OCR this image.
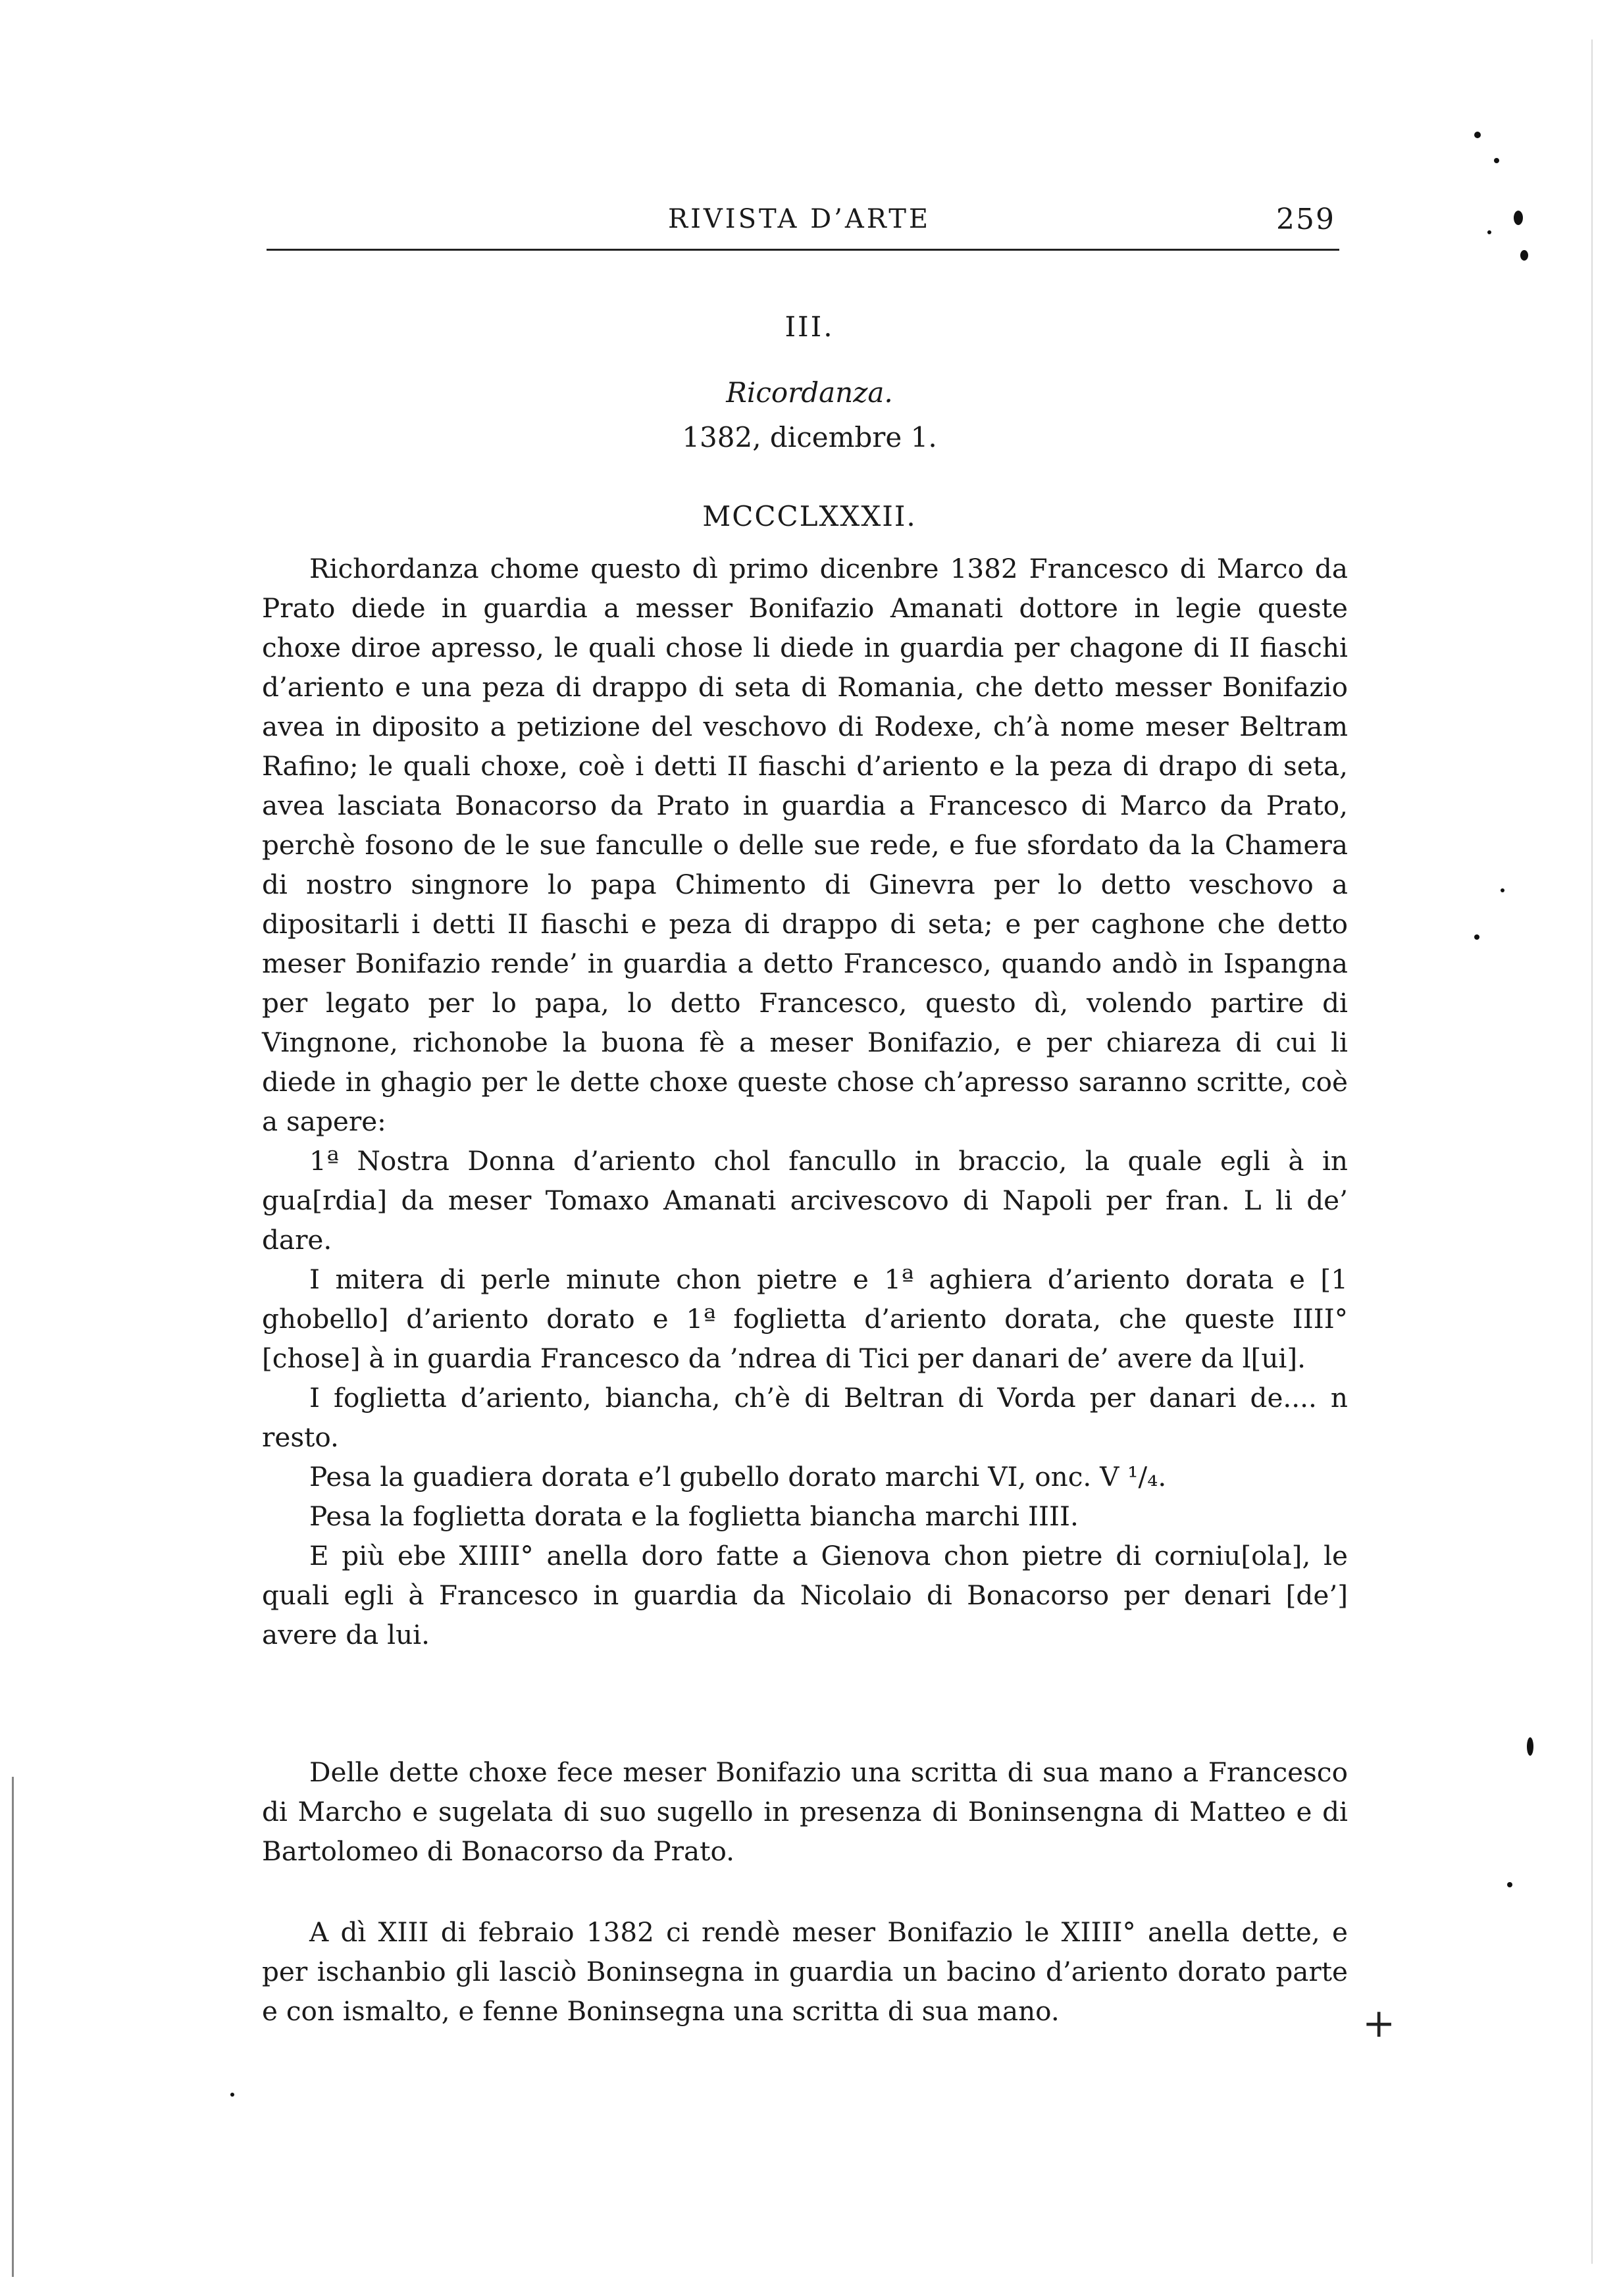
RIVISTA D’ARTE	259
III.
Ricordanza.
1382, dicembre 1.
MCCCLXXXII.

Richordanza chome questo dì primo dicenbre 1382 Francesco di Marco da Prato diede in guardia a messer Bonifazio Amanati dottore in legie queste choxe diroe apresso, le quali chose li diede in guardia per chagone di II fiaschi d’ariento e una peza di drappo di seta di Romania, che detto messer Bonifazio avea in diposito a petizione del veschovo di Rodexe, ch’à nome meser Beltram Rafino; le quali choxe, coè i detti II fiaschi d’ariento e la peza di drapo di seta, avea lasciata Bonacorso da Prato in guardia a Francesco di Marco da Prato, perchè fosono de le sue fanculle o delle sue rede, e fue sfordato da la Chamera di nostro singnore lo papa Chimento di Ginevra per lo detto veschovo a dipositarli i detti II fiaschi e peza di drappo di seta; e per caghone che detto meser Bonifazio rende’ in guardia a detto Francesco, quando andò in Ispangna per legato per lo papa, lo detto Francesco, questo dì, volendo partire di Vingnone, richonobe la buona fè a meser Bonifazio, e per chiareza di cui li diede in ghagio per le dette choxe queste chose ch’apresso saranno scritte, coè a sapere:

1ª Nostra Donna d’ariento chol fancullo in braccio, la quale egli à in gua[rdia] da meser Tomaxo Amanati arcivescovo di Napoli per fran. L li de’ dare.

I mitera di perle minute chon pietre e 1ª aghiera d’ariento dorata e [1 ghobello] d’ariento dorato e 1ª foglietta d’ariento dorata, che queste IIII° [chose] à in guardia Francesco da ’ndrea di Tici per danari de’ avere da l[ui].

I foglietta d’ariento, biancha, ch’è di Beltran di Vorda per danari de.... n resto.

Pesa la guadiera dorata e’l gubello dorato marchi VI, onc. V ¹/₄.

Pesa la foglietta dorata e la foglietta biancha marchi IIII.

E più ebe XIIII° anella doro fatte a Gienova chon pietre di corniu[ola], le quali egli à Francesco in guardia da Nicolaio di Bonacorso per denari [de’] avere da lui.

Delle dette choxe fece meser Bonifazio una scritta di sua mano a Francesco di Marcho e sugelata di suo sugello in presenza di Boninsengna di Matteo e di Bartolomeo di Bonacorso da Prato.

A dì XIII di febraio 1382 ci rendè meser Bonifazio le XIIII° anella dette, e per ischanbio gli lasciò Boninsegna in guardia un bacino d’ariento dorato parte e con ismalto, e fenne Boninsegna una scritta di sua mano.	+
